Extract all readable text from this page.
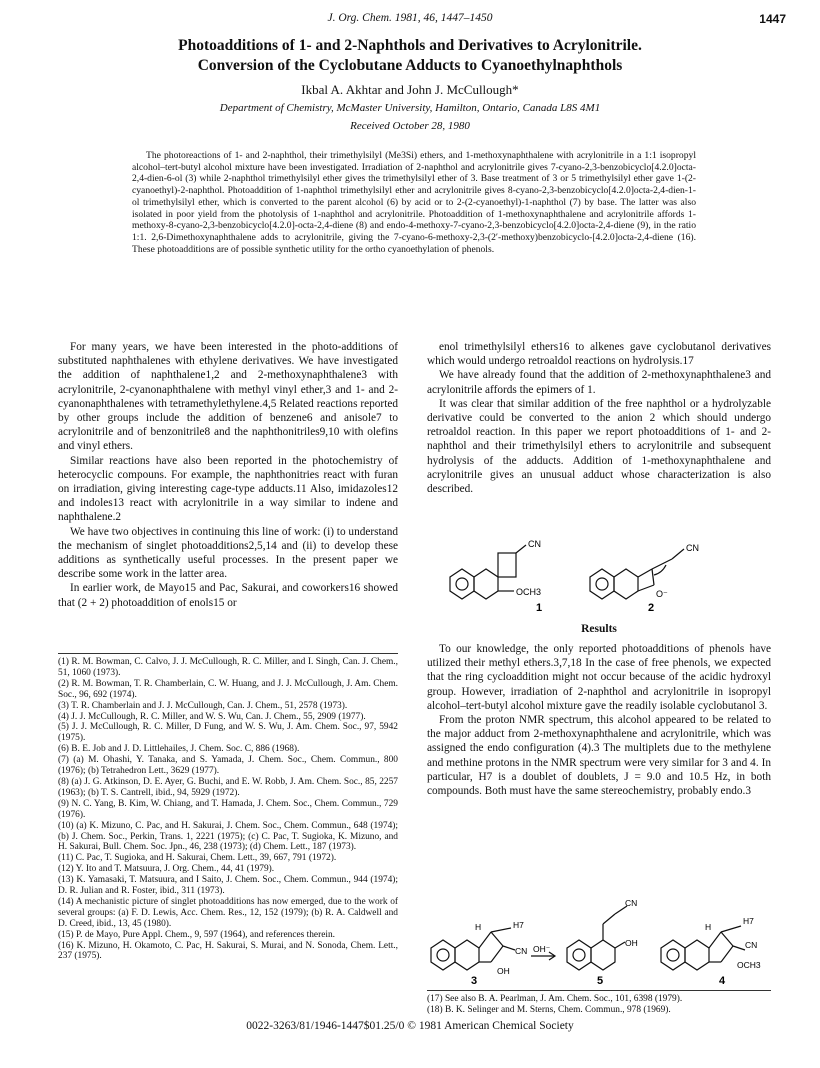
J. Org. Chem. 1981, 46, 1447–1450	1447
Photoadditions of 1- and 2-Naphthols and Derivatives to Acrylonitrile.
Conversion of the Cyclobutane Adducts to Cyanoethylnaphthols
Ikbal A. Akhtar and John J. McCullough*
Department of Chemistry, McMaster University, Hamilton, Ontario, Canada L8S 4M1
Received October 28, 1980
The photoreactions of 1- and 2-naphthol, their trimethylsilyl (Me3Si) ethers, and 1-methoxynaphthalene with acrylonitrile in a 1:1 isopropyl alcohol–tert-butyl alcohol mixture have been investigated. Irradiation of 2-naphthol and acrylonitrile gives 7-cyano-2,3-benzobicyclo[4.2.0]octa-2,4-dien-6-ol (3) while 2-naphthol trimethylsilyl ether gives the trimethylsilyl ether of 3. Base treatment of 3 or 5 trimethylsilyl ether gave 1-(2-cyanoethyl)-2-naphthol. Photoaddition of 1-naphthol trimethylsilyl ether and acrylonitrile gives 8-cyano-2,3-benzobicyclo[4.2.0]octa-2,4-dien-1-ol trimethylsilyl ether, which is converted to the parent alcohol (6) by acid or to 2-(2-cyanoethyl)-1-naphthol (7) by base. The latter was also isolated in poor yield from the photolysis of 1-naphthol and acrylonitrile. Photoaddition of 1-methoxynaphthalene and acrylonitrile affords 1-methoxy-8-cyano-2,3-benzobicyclo[4.2.0]-octa-2,4-diene (8) and endo-4-methoxy-7-cyano-2,3-benzobicyclo[4.2.0]octa-2,4-diene (9), in the ratio 1:1. 2,6-Dimethoxynaphthalene adds to acrylonitrile, giving the 7-cyano-6-methoxy-2,3-(2′-methoxy)benzobicyclo-[4.2.0]octa-2,4-diene (16). These photoadditions are of possible synthetic utility for the ortho cyanoethylation of phenols.

For many years, we have been interested in the photo-additions of substituted naphthalenes with ethylene derivatives. We have investigated the addition of naphthalene1,2 and 2-methoxynaphthalene3 with acrylonitrile, 2-cyanonaphthalene with methyl vinyl ether,3 and 1- and 2-cyanonaphthalenes with tetramethylethylene.4,5 Related reactions reported by other groups include the addition of benzene6 and anisole7 to acrylonitrile and of benzonitrile8 and the naphthonitriles9,10 with olefins and vinyl ethers.

Similar reactions have also been reported in the photochemistry of heterocyclic compouns. For example, the naphthonitries react with furan on irradiation, giving interesting cage-type adducts.11 Also, imidazoles12 and indoles13 react with acrylonitrile in a way similar to indene and naphthalene.2

We have two objectives in continuing this line of work: (i) to understand the mechanism of singlet photoadditions2,5,14 and (ii) to develop these additions as synthetically useful processes. In the present paper we describe some work in the latter area.

In earlier work, de Mayo15 and Pac, Sakurai, and coworkers16 showed that (2 + 2) photoaddition of enols15 or

(1) R. M. Bowman, C. Calvo, J. J. McCullough, R. C. Miller, and I. Singh, Can. J. Chem., 51, 1060 (1973).
(2) R. M. Bowman, T. R. Chamberlain, C. W. Huang, and J. J. McCullough, J. Am. Chem. Soc., 96, 692 (1974).
(3) T. R. Chamberlain and J. J. McCullough, Can. J. Chem., 51, 2578 (1973).
(4) J. J. McCullough, R. C. Miller, and W. S. Wu, Can. J. Chem., 55, 2909 (1977).
(5) J. J. McCullough, R. C. Miller, D Fung, and W. S. Wu, J. Am. Chem. Soc., 97, 5942 (1975).
(6) B. E. Job and J. D. Littlehailes, J. Chem. Soc. C, 886 (1968).
(7) (a) M. Ohashi, Y. Tanaka, and S. Yamada, J. Chem. Soc., Chem. Commun., 800 (1976); (b) Tetrahedron Lett., 3629 (1977).
(8) (a) J. G. Atkinson, D. E. Ayer, G. Buchi, and E. W. Robb, J. Am. Chem. Soc., 85, 2257 (1963); (b) T. S. Cantrell, ibid., 94, 5929 (1972).
(9) N. C. Yang, B. Kim, W. Chiang, and T. Hamada, J. Chem. Soc., Chem. Commun., 729 (1976).
(10) (a) K. Mizuno, C. Pac, and H. Sakurai, J. Chem. Soc., Chem. Commun., 648 (1974); (b) J. Chem. Soc., Perkin, Trans. 1, 2221 (1975); (c) C. Pac, T. Sugioka, K. Mizuno, and H. Sakurai, Bull. Chem. Soc. Jpn., 46, 238 (1973); (d) Chem. Lett., 187 (1973).
(11) C. Pac, T. Sugioka, and H. Sakurai, Chem. Lett., 39, 667, 791 (1972).
(12) Y. Ito and T. Matsuura, J. Org. Chem., 44, 41 (1979).
(13) K. Yamasaki, T. Matsuura, and I Saito, J. Chem. Soc., Chem. Commun., 944 (1974); D. R. Julian and R. Foster, ibid., 311 (1973).
(14) A mechanistic picture of singlet photoadditions has now emerged, due to the work of several groups: (a) F. D. Lewis, Acc. Chem. Res., 12, 152 (1979); (b) R. A. Caldwell and D. Creed, ibid., 13, 45 (1980).
(15) P. de Mayo, Pure Appl. Chem., 9, 597 (1964), and references therein.
(16) K. Mizuno, H. Okamoto, C. Pac, H. Sakurai, S. Murai, and N. Sonoda, Chem. Lett., 237 (1975).

enol trimethylsilyl ethers16 to alkenes gave cyclobutanol derivatives which would undergo retroaldol reactions on hydrolysis.17

We have already found that the addition of 2-methoxynaphthalene3 and acrylonitrile affords the epimers of 1.

It was clear that similar addition of the free naphthol or a hydrolyzable derivative could be converted to the anion 2 which should undergo retroaldol reaction. In this paper we report photoadditions of 1- and 2-naphthol and their trimethylsilyl ethers to acrylonitrile and subsequent hydrolysis of the adducts. Addition of 1-methoxynaphthalene and acrylonitrile gives an unusual adduct whose characterization is also described.

CN
OCH3
CN
O⁻
1	2
Results

To our knowledge, the only reported photoadditions of phenols have utilized their methyl ethers.3,7,18 In the case of free phenols, we expected that the ring cycloaddition might not occur because of the acidic hydroxyl group. However, irradiation of 2-naphthol and acrylonitrile in isopropyl alcohol–tert-butyl alcohol mixture gave the readily isolable cyclobutanol 3.

From the proton NMR spectrum, this alcohol appeared to be related to the major adduct from 2-methoxynaphthalene and acrylonitrile, which was assigned the endo configuration (4).3 The multiplets due to the methylene and methine protons in the NMR spectrum were very similar for 3 and 4. In particular, H7 is a doublet of doublets, J = 9.0 and 10.5 Hz, in both compounds. Both must have the same stereochemistry, probably endo.3

H	H7
CN
OH
OH⁻
CN
OH
H
H7
CN
OCH3
3	5	4
(17) See also B. A. Pearlman, J. Am. Chem. Soc., 101, 6398 (1979).
(18) B. K. Selinger and M. Sterns, Chem. Commun., 978 (1969).
0022-3263/81/1946-1447$01.25/0 © 1981 American Chemical Society
